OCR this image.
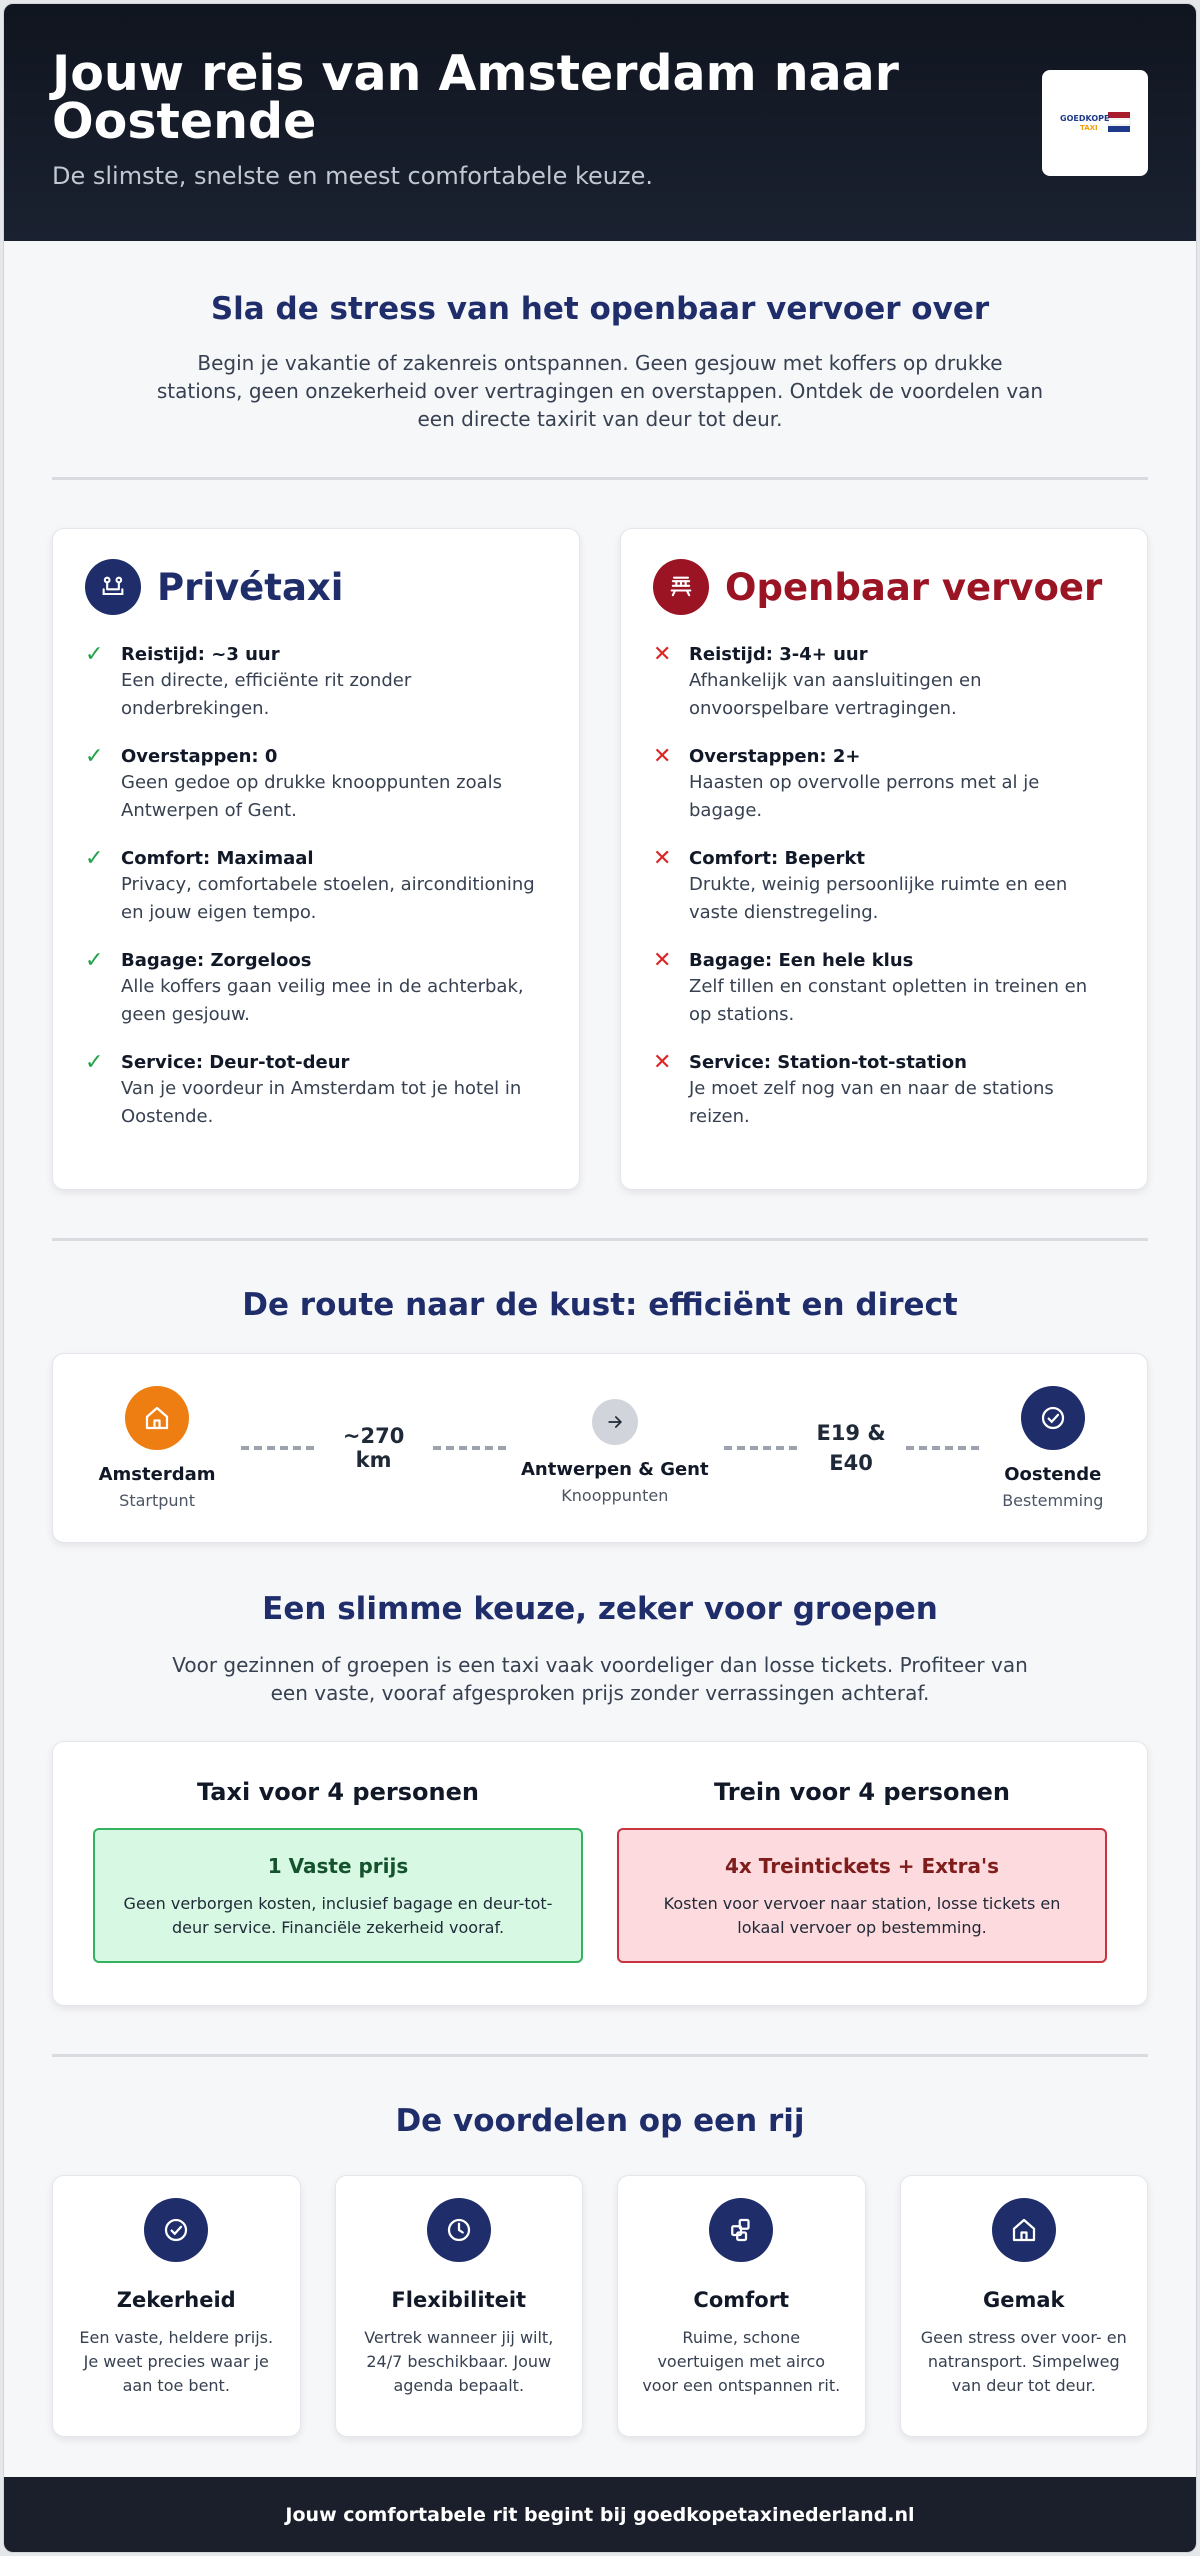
Jouw reis van Amsterdam naar Oostende

De slimste, snelste en meest comfortabele keuze.

GOEDKOPE
TAXI
Sla de stress van het openbaar vervoer over

Begin je vakantie of zakenreis ontspannen. Geen gesjouw met koffers op drukke stations, geen onzekerheid over vertragingen en overstappen. Ontdek de voordelen van een directe taxirit van deur tot deur.

Privétaxi
✓ Reistijd: ~3 uur
Een directe, efficiënte rit zonder onderbrekingen.
✓ Overstappen: 0
Geen gedoe op drukke knooppunten zoals Antwerpen of Gent.
✓ Comfort: Maximaal
Privacy, comfortabele stoelen, airconditioning en jouw eigen tempo.
✓ Bagage: Zorgeloos
Alle koffers gaan veilig mee in de achterbak, geen gesjouw.
✓ Service: Deur-tot-deur
Van je voordeur in Amsterdam tot je hotel in Oostende.
Openbaar vervoer
✕ Reistijd: 3-4+ uur
Afhankelijk van aansluitingen en onvoorspelbare vertragingen.
✕ Overstappen: 2+
Haasten op overvolle perrons met al je bagage.
✕ Comfort: Beperkt
Drukte, weinig persoonlijke ruimte en een vaste dienstregeling.
✕ Bagage: Een hele klus
Zelf tillen en constant opletten in treinen en op stations.
✕ Service: Station-tot-station
Je moet zelf nog van en naar de stations reizen.
De route naar de kust: efficiënt en direct
Amsterdam
Startpunt
~270 km	Antwerpen & Gent
Knooppunten
E19 & E40	Oostende
Bestemming
Een slimme keuze, zeker voor groepen

Voor gezinnen of groepen is een taxi vaak voordeliger dan losse tickets. Profiteer van een vaste, vooraf afgesproken prijs zonder verrassingen achteraf.

Taxi voor 4 personen
1 Vaste prijs
Geen verborgen kosten, inclusief bagage en deur-tot-deur service. Financiële zekerheid vooraf.
Trein voor 4 personen
4x Treintickets + Extra's
Kosten voor vervoer naar station, losse tickets en lokaal vervoer op bestemming.
De voordelen op een rij
Zekerheid

Een vaste, heldere prijs. Je weet precies waar je aan toe bent.

Flexibiliteit

Vertrek wanneer jij wilt, 24/7 beschikbaar. Jouw agenda bepaalt.

Comfort

Ruime, schone voertuigen met airco voor een ontspannen rit.

Gemak

Geen stress over voor- en natransport. Simpelweg van deur tot deur.

Jouw comfortabele rit begint bij goedkopetaxinederland.nl
